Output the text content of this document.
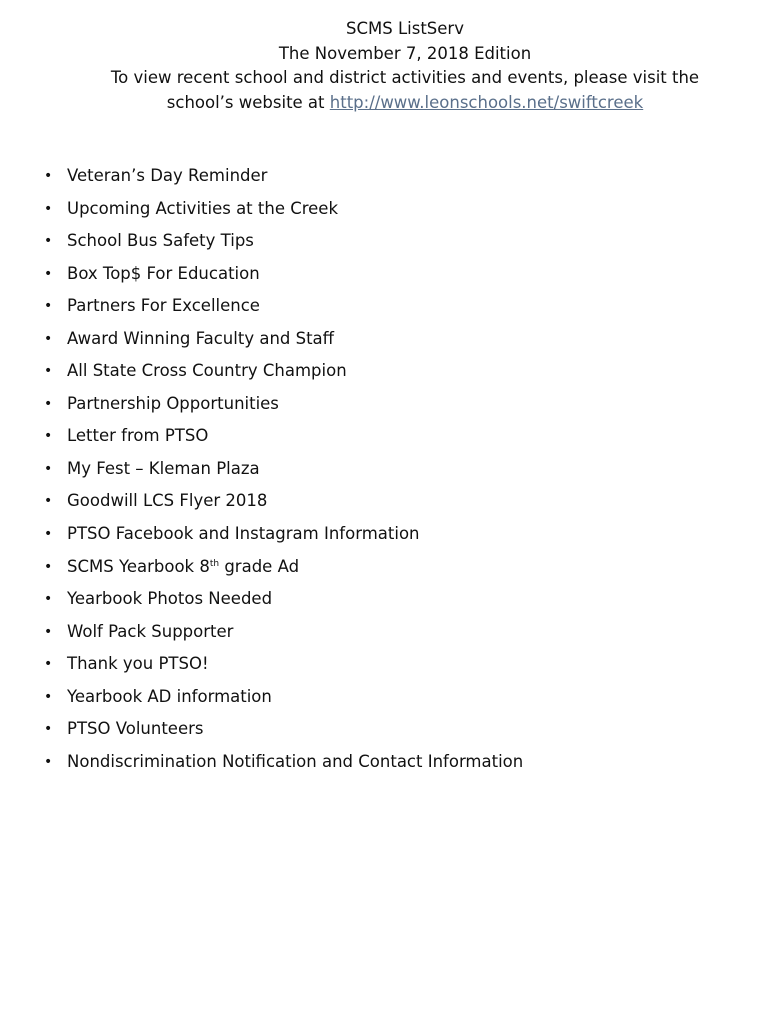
SCMS ListServ
The November 7, 2018 Edition
To view recent school and district activities and events, please visit the
school’s website at http://www.leonschools.net/swiftcreek
• Veteran’s Day Reminder
• Upcoming Activities at the Creek
• School Bus Safety Tips
• Box Top$ For Education
• Partners For Excellence
• Award Winning Faculty and Staff
• All State Cross Country Champion
• Partnership Opportunities
• Letter from PTSO
• My Fest – Kleman Plaza
• Goodwill LCS Flyer 2018
• PTSO Facebook and Instagram Information
• SCMS Yearbook 8th grade Ad
• Yearbook Photos Needed
• Wolf Pack Supporter
• Thank you PTSO!
• Yearbook AD information
• PTSO Volunteers
• Nondiscrimination Notification and Contact Information
